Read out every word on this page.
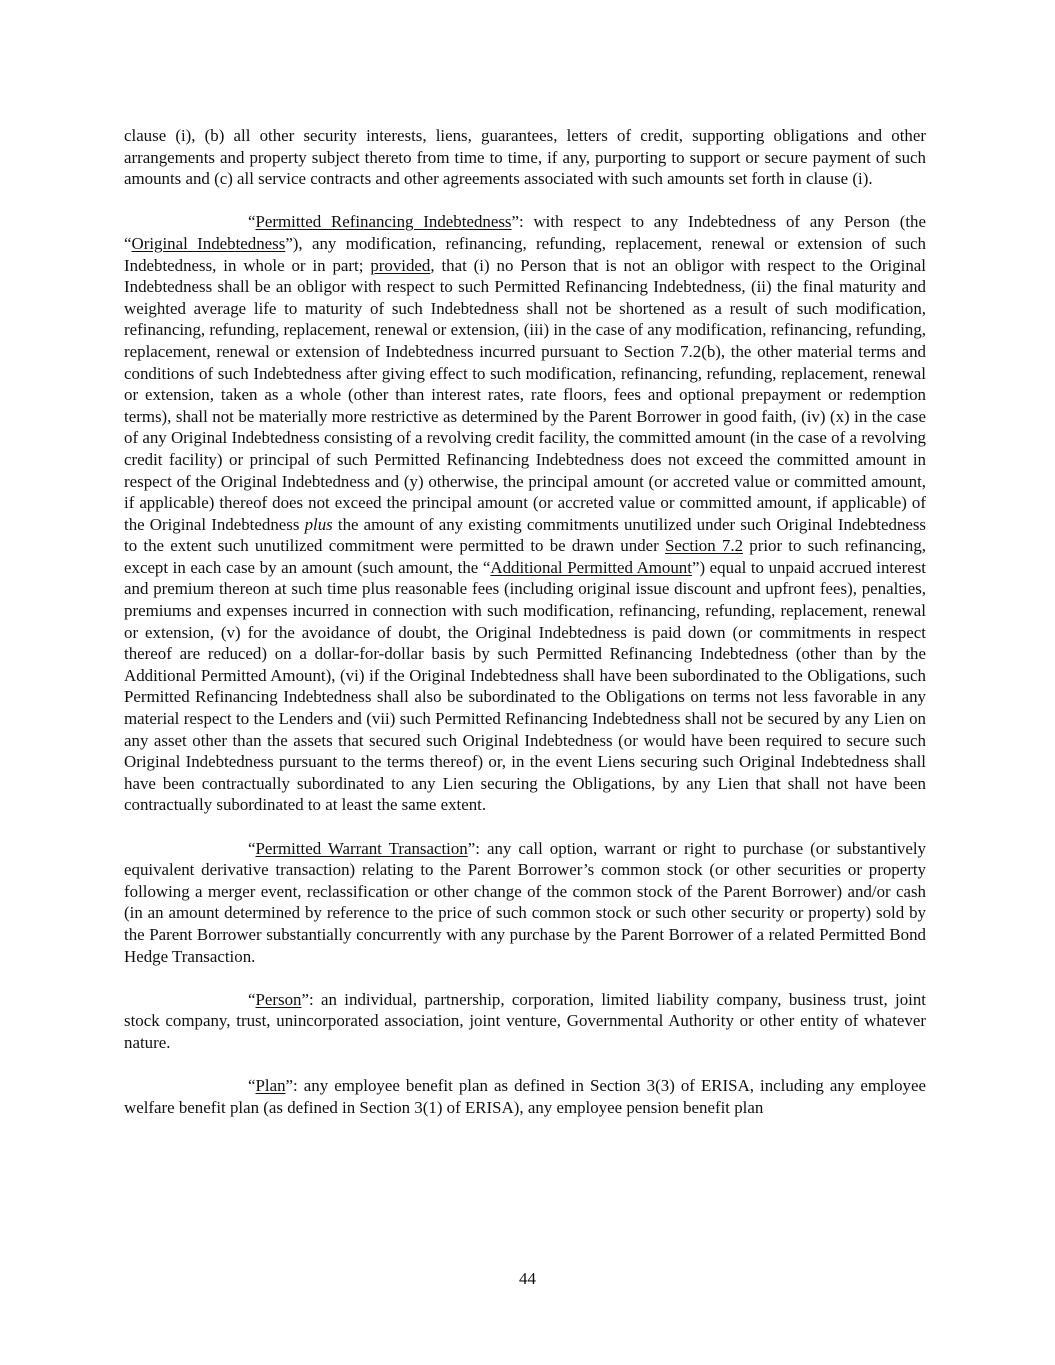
clause (i), (b) all other security interests, liens, guarantees, letters of credit, supporting obligations and other arrangements and property subject thereto from time to time, if any, purporting to support or secure payment of such amounts and (c) all service contracts and other agreements associated with such amounts set forth in clause (i).

“Permitted Refinancing Indebtedness”: with respect to any Indebtedness of any Person (the “Original Indebtedness”), any modification, refinancing, refunding, replacement, renewal or extension of such Indebtedness, in whole or in part; provided, that (i) no Person that is not an obligor with respect to the Original Indebtedness shall be an obligor with respect to such Permitted Refinancing Indebtedness, (ii) the final maturity and weighted average life to maturity of such Indebtedness shall not be shortened as a result of such modification, refinancing, refunding, replacement, renewal or extension, (iii) in the case of any modification, refinancing, refunding, replacement, renewal or extension of Indebtedness incurred pursuant to Section 7.2(b), the other material terms and conditions of such Indebtedness after giving effect to such modification, refinancing, refunding, replacement, renewal or extension, taken as a whole (other than interest rates, rate floors, fees and optional prepayment or redemption terms), shall not be materially more restrictive as determined by the Parent Borrower in good faith, (iv) (x) in the case of any Original Indebtedness consisting of a revolving credit facility, the committed amount (in the case of a revolving credit facility) or principal of such Permitted Refinancing Indebtedness does not exceed the committed amount in respect of the Original Indebtedness and (y) otherwise, the principal amount (or accreted value or committed amount, if applicable) thereof does not exceed the principal amount (or accreted value or committed amount, if applicable) of the Original Indebtedness plus the amount of any existing commitments unutilized under such Original Indebtedness to the extent such unutilized commitment were permitted to be drawn under Section 7.2 prior to such refinancing, except in each case by an amount (such amount, the “Additional Permitted Amount”) equal to unpaid accrued interest and premium thereon at such time plus reasonable fees (including original issue discount and upfront fees), penalties, premiums and expenses incurred in connection with such modification, refinancing, refunding, replacement, renewal or extension, (v) for the avoidance of doubt, the Original Indebtedness is paid down (or commitments in respect thereof are reduced) on a dollar-for-dollar basis by such Permitted Refinancing Indebtedness (other than by the Additional Permitted Amount), (vi) if the Original Indebtedness shall have been subordinated to the Obligations, such Permitted Refinancing Indebtedness shall also be subordinated to the Obligations on terms not less favorable in any material respect to the Lenders and (vii) such Permitted Refinancing Indebtedness shall not be secured by any Lien on any asset other than the assets that secured such Original Indebtedness (or would have been required to secure such Original Indebtedness pursuant to the terms thereof) or, in the event Liens securing such Original Indebtedness shall have been contractually subordinated to any Lien securing the Obligations, by any Lien that shall not have been contractually subordinated to at least the same extent.

“Permitted Warrant Transaction”: any call option, warrant or right to purchase (or substantively equivalent derivative transaction) relating to the Parent Borrower’s common stock (or other securities or property following a merger event, reclassification or other change of the common stock of the Parent Borrower) and/or cash (in an amount determined by reference to the price of such common stock or such other security or property) sold by the Parent Borrower substantially concurrently with any purchase by the Parent Borrower of a related Permitted Bond Hedge Transaction.

“Person”: an individual, partnership, corporation, limited liability company, business trust, joint stock company, trust, unincorporated association, joint venture, Governmental Authority or other entity of whatever nature.

“Plan”: any employee benefit plan as defined in Section 3(3) of ERISA, including any employee welfare benefit plan (as defined in Section 3(1) of ERISA), any employee pension benefit plan

44
